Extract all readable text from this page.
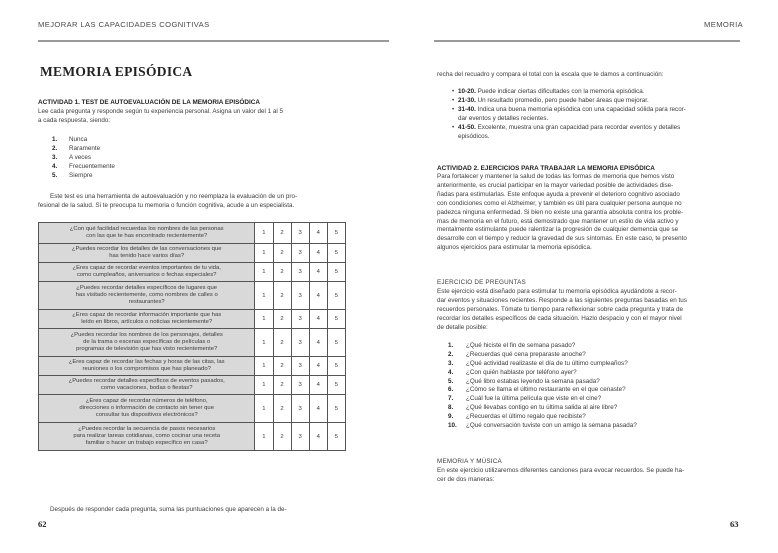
MEJORAR LAS CAPACIDADES COGNITIVAS
MEMORIA EPISÓDICA
ACTIVIDAD 1. TEST DE AUTOEVALUACIÓN DE LA MEMORIA EPISÓDICA
Lee cada pregunta y responde según tu experiencia personal. Asigna un valor del 1 al 5
a cada respuesta, siendo:
1. Nunca
2. Raramente
3. A veces
4. Frecuentemente
5. Siempre
Este test es una herramienta de autoevaluación y no reemplaza la evaluación de un pro-
fesional de la salud. Si te preocupa tu memoria o función cognitiva, acude a un especialista.
¿Con qué facilidad recuerdas los nombres de las personas
con las que te has encontrado recientemente?	1	2	3	4	5

¿Puedes recordar los detalles de las conversaciones que
has tenido hace varios días?	1	2	3	4	5

¿Eres capaz de recordar eventos importantes de tu vida,
como cumpleaños, aniversarios o fechas especiales?	1	2	3	4	5

¿Puedes recordar detalles específicos de lugares que
has visitado recientemente, como nombres de calles o
restaurantes?	1	2	3	4	5

¿Eres capaz de recordar información importante que has
leído en libros, artículos o noticias recientemente?	1	2	3	4	5

¿Puedes recordar los nombres de los personajes, detalles
de la trama o escenas específicas de películas o
programas de televisión que has visto recientemente?	1	2	3	4	5

¿Eres capaz de recordar las fechas y horas de las citas, las
reuniones o los compromisos que has planeado?	1	2	3	4	5

¿Puedes recordar detalles específicos de eventos pasados,
como vacaciones, bodas o fiestas?	1	2	3	4	5

¿Eres capaz de recordar números de teléfono,
direcciones o información de contacto sin tener que
consultar tus dispositivos electrónicos?	1	2	3	4	5

¿Puedes recordar la secuencia de pasos necesarios
para realizar tareas cotidianas, como cocinar una receta
familiar o hacer un trabajo específico en casa?	1	2	3	4	5
Después de responder cada pregunta, suma las puntuaciones que aparecen a la de-
62
MEMORIA
recha del recuadro y compara el total con la escala que te damos a continuación:
• 10-20. Puede indicar ciertas dificultades con la memoria episódica.
• 21-30. Un resultado promedio, pero puede haber áreas que mejorar.
• 31-40. Indica una buena memoria episódica con una capacidad sólida para recor-
dar eventos y detalles recientes.
• 41-50. Excelente, muestra una gran capacidad para recordar eventos y detalles
episódicos.
ACTIVIDAD 2. EJERCICIOS PARA TRABAJAR LA MEMORIA EPISÓDICA
Para fortalecer y mantener la salud de todas las formas de memoria que hemos visto
anteriormente, es crucial participar en la mayor variedad posible de actividades dise-
ñadas para estimularlas. Este enfoque ayuda a prevenir el deterioro cognitivo asociado
con condiciones como el Alzheimer, y también es útil para cualquier persona aunque no
padezca ninguna enfermedad. Si bien no existe una garantía absoluta contra los proble-
mas de memoria en el futuro, está demostrado que mantener un estilo de vida activo y
mentalmente estimulante puede ralentizar la progresión de cualquier demencia que se
desarrolle con el tiempo y reducir la gravedad de sus síntomas. En este caso, te presento
algunos ejercicios para estimular la memoria episódica.
EJERCICIO DE PREGUNTAS
Este ejercicio está diseñado para estimular tu memoria episódica ayudándote a recor-
dar eventos y situaciones recientes. Responde a las siguientes preguntas basadas en tus
recuerdos personales. Tómate tu tiempo para reflexionar sobre cada pregunta y trata de
recordar los detalles específicos de cada situación. Hazlo despacio y con el mayor nivel
de detalle posible:
1. ¿Qué hiciste el fin de semana pasado?
2. ¿Recuerdas qué cena preparaste anoche?
3. ¿Qué actividad realizaste el día de tu último cumpleaños?
4. ¿Con quién hablaste por teléfono ayer?
5. ¿Qué libro estabas leyendo la semana pasada?
6. ¿Cómo se llama el último restaurante en el que cenaste?
7. ¿Cuál fue la última película que viste en el cine?
8. ¿Qué llevabas contigo en tu última salida al aire libre?
9. ¿Recuerdas el último regalo que recibiste?
10. ¿Qué conversación tuviste con un amigo la semana pasada?
MEMORIA Y MÚSICA
En este ejercicio utilizaremos diferentes canciones para evocar recuerdos. Se puede ha-
cer de dos maneras:
63
